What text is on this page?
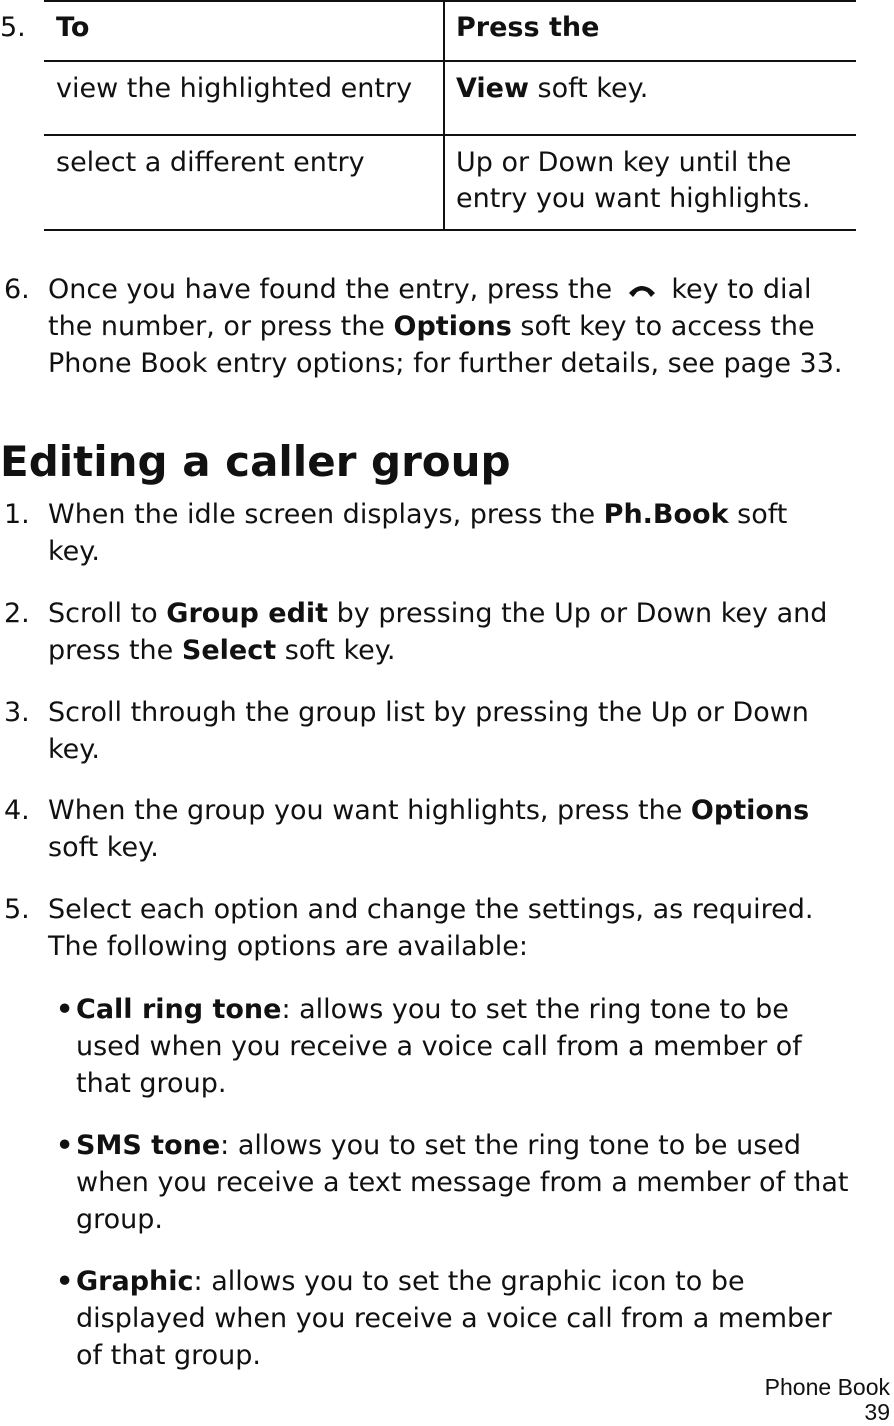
5. To	Press the
view the highlighted entry View soft key.
select a different entry	Up or Down key until the
entry you want highlights.
6. Once you have found the entry, press the key to dial
the number, or press the Options soft key to access the
Phone Book entry options; for further details, see page 33.
Editing a caller group
1. When the idle screen displays, press the Ph.Book soft
key.
2. Scroll to Group edit by pressing the Up or Down key and
press the Select soft key.
3. Scroll through the group list by pressing the Up or Down
key.
4. When the group you want highlights, press the Options
soft key.
5. Select each option and change the settings, as required.
The following options are available:
• Call ring tone: allows you to set the ring tone to be
used when you receive a voice call from a member of
that group.
• SMS tone: allows you to set the ring tone to be used
when you receive a text message from a member of that
group.
• Graphic: allows you to set the graphic icon to be
displayed when you receive a voice call from a member
of that group.
Phone Book
39
